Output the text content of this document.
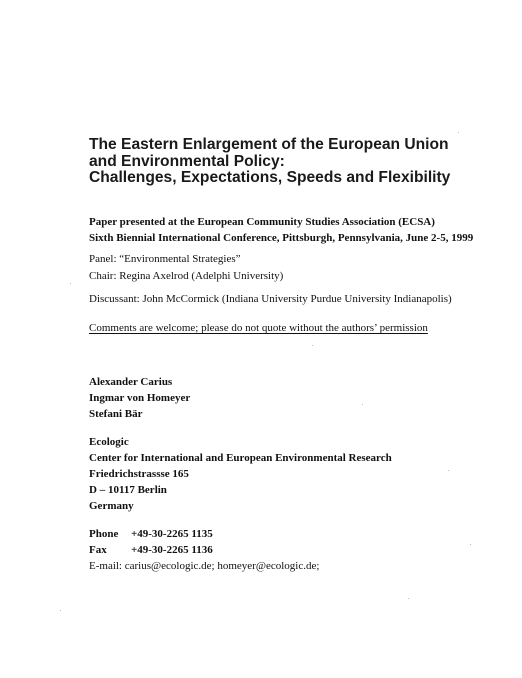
The Eastern Enlargement of the European Union
and Environmental Policy:
Challenges, Expectations, Speeds and Flexibility
Paper presented at the European Community Studies Association (ECSA)
Sixth Biennial International Conference, Pittsburgh, Pennsylvania, June 2-5, 1999
Panel: “Environmental Strategies”
Chair: Regina Axelrod (Adelphi University)
Discussant: John McCormick (Indiana University Purdue University Indianapolis)
Comments are welcome; please do not quote without the authors’ permission
Alexander Carius
Ingmar von Homeyer
Stefani Bär
Ecologic
Center for International and European Environmental Research
Friedrichstrassse 165
D – 10117 Berlin
Germany
Phone +49-30-2265 1135
Fax +49-30-2265 1136
E-mail: carius@ecologic.de; homeyer@ecologic.de;
